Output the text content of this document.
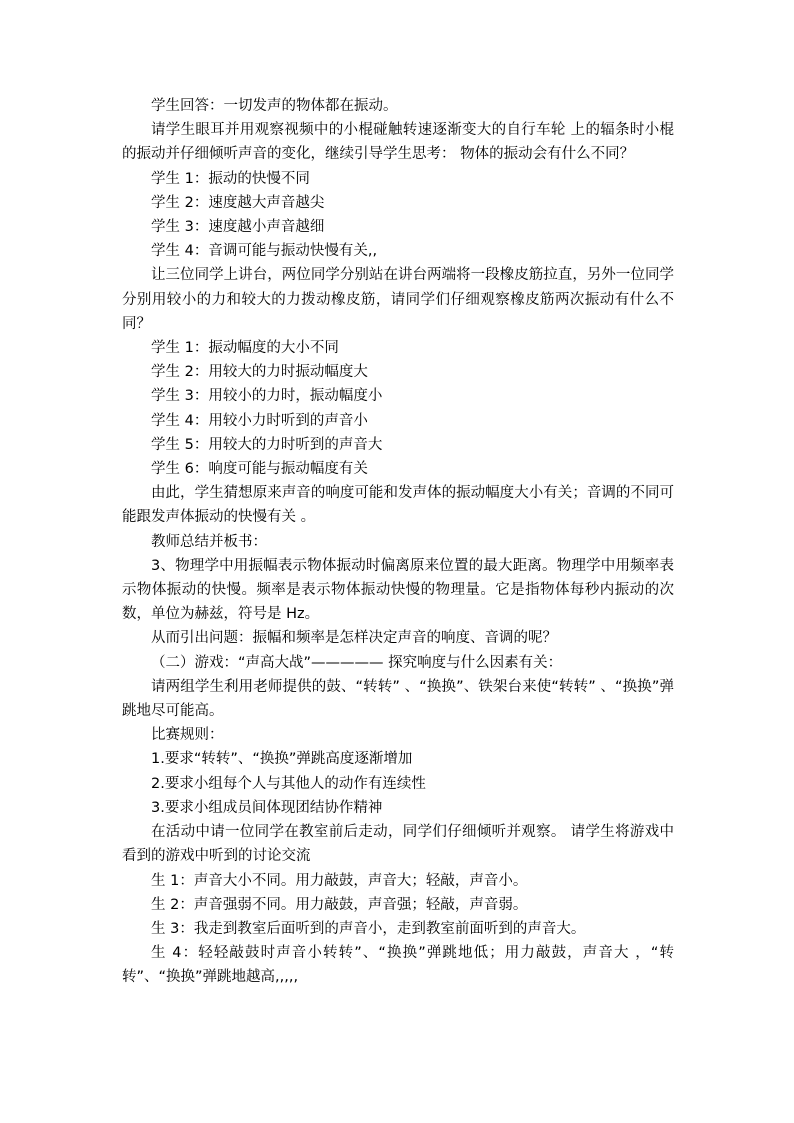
学生回答：一切发声的物体都在振动。

请学生眼耳并用观察视频中的小棍碰触转速逐渐变大的自行车轮 上的辐条时小棍的振动并仔细倾听声音的变化，继续引导学生思考： 物体的振动会有什么不同？

学生 1：振动的快慢不同

学生 2：速度越大声音越尖

学生 3：速度越小声音越细

学生 4：音调可能与振动快慢有关,,

让三位同学上讲台，两位同学分别站在讲台两端将一段橡皮筋拉直，另外一位同学分别用较小的力和较大的力拨动橡皮筋，请同学们仔细观察橡皮筋两次振动有什么不同？

学生 1：振动幅度的大小不同

学生 2：用较大的力时振动幅度大

学生 3：用较小的力时，振动幅度小

学生 4：用较小力时听到的声音小

学生 5：用较大的力时听到的声音大

学生 6：响度可能与振动幅度有关

由此，学生猜想原来声音的响度可能和发声体的振动幅度大小有关；音调的不同可能跟发声体振动的快慢有关 。

教师总结并板书：

3、物理学中用振幅表示物体振动时偏离原来位置的最大距离。物理学中用频率表示物体振动的快慢。频率是表示物体振动快慢的物理量。它是指物体每秒内振动的次数，单位为赫兹，符号是 Hz。

从而引出问题：振幅和频率是怎样决定声音的响度、音调的呢？

（二）游戏：“声高大战”————— 探究响度与什么因素有关：

请两组学生利用老师提供的鼓、“转转” 、“换换”、铁架台来使“转转” 、“换换”弹跳地尽可能高。

比赛规则：

1.要求“转转”、“换换”弹跳高度逐渐增加

2.要求小组每个人与其他人的动作有连续性

3.要求小组成员间体现团结协作精神

在活动中请一位同学在教室前后走动，同学们仔细倾听并观察。 请学生将游戏中看到的游戏中听到的讨论交流

生 1：声音大小不同。用力敲鼓，声音大；轻敲，声音小。

生 2：声音强弱不同。用力敲鼓，声音强；轻敲，声音弱。

生 3：我走到教室后面听到的声音小，走到教室前面听到的声音大。

生 4：轻轻敲鼓时声音小转转”、“换换”弹跳地低；用力敲鼓，声音大 ，“转转”、“换换”弹跳地越高,,,,,
